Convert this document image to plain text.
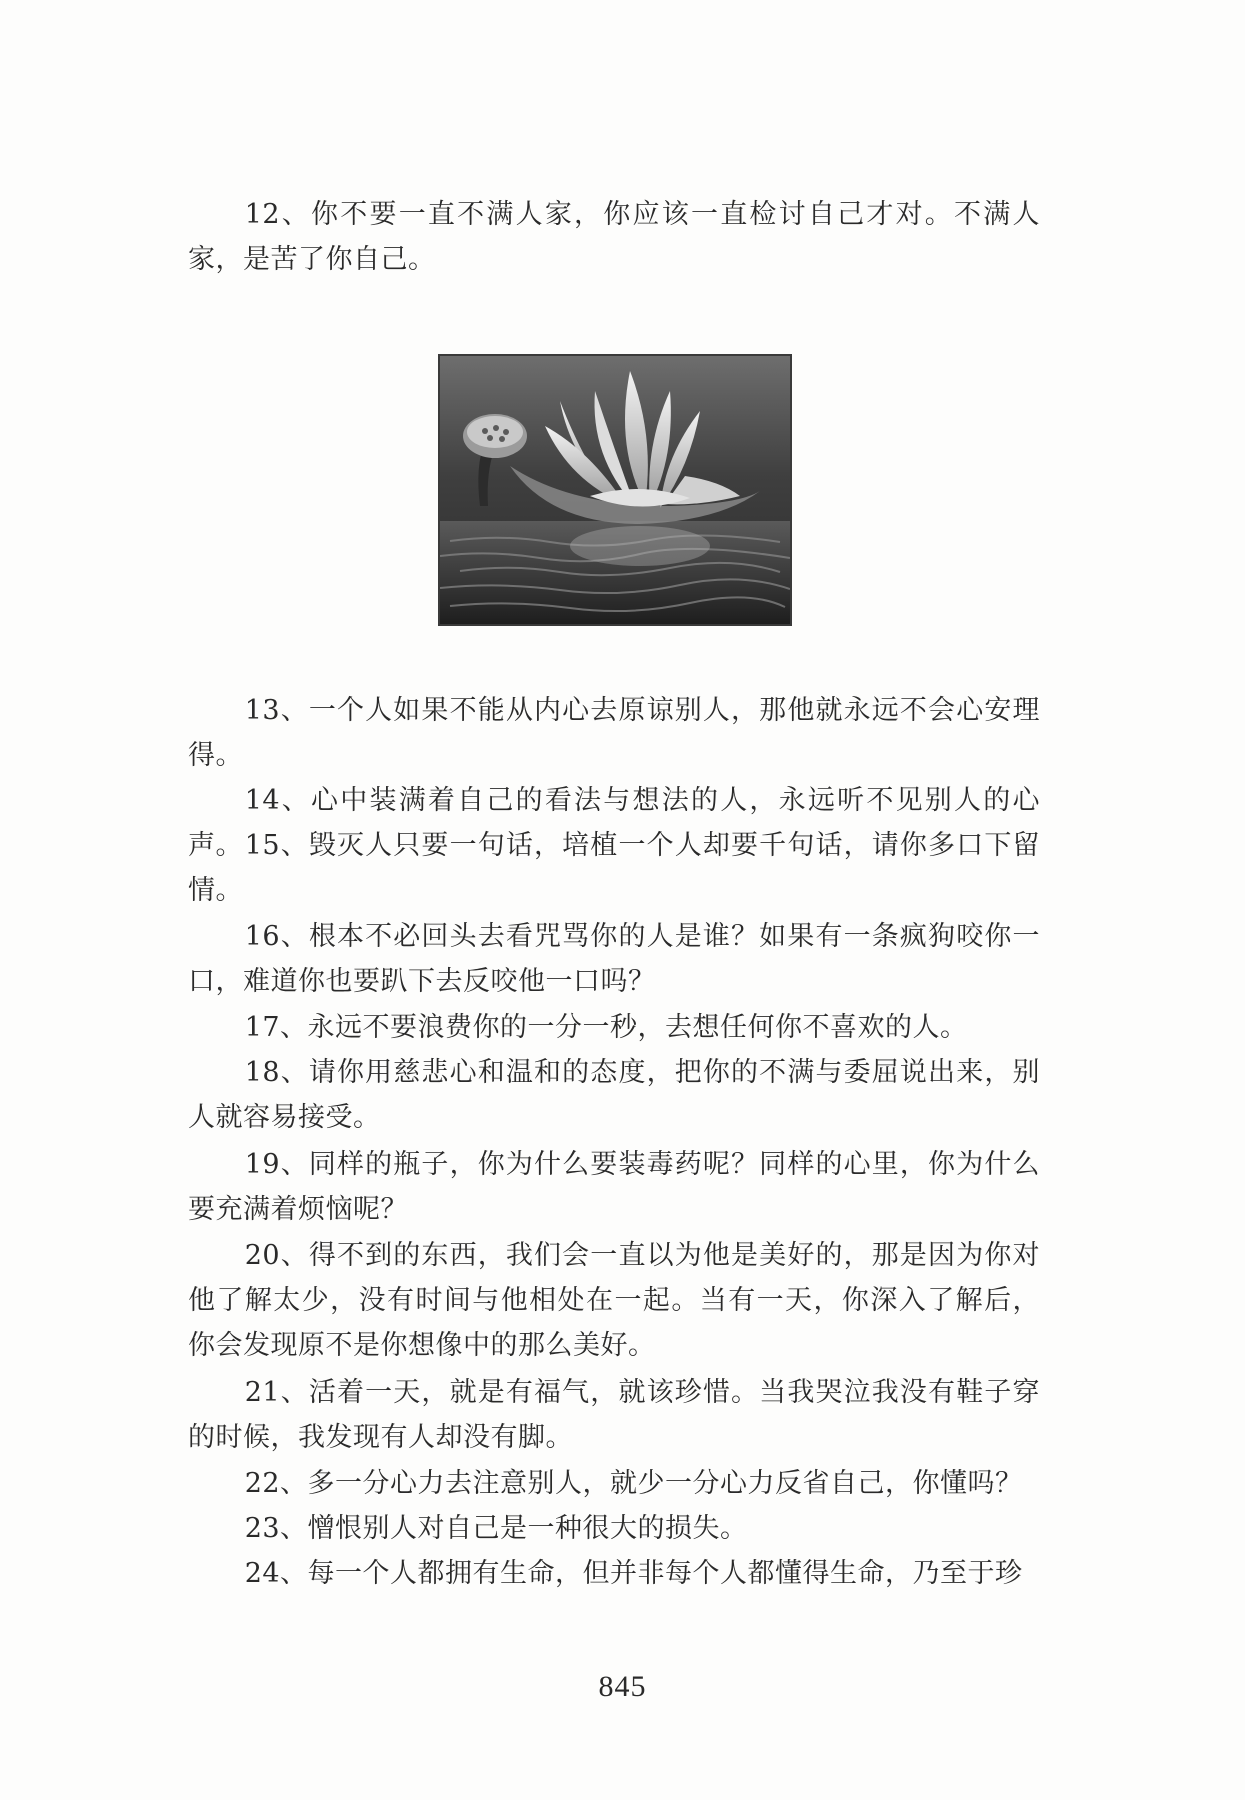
12、你不要一直不满人家，你应该一直检讨自己才对。不满人家，是苦了你自己。

13、一个人如果不能从内心去原谅别人，那他就永远不会心安理得。

14、心中装满着自己的看法与想法的人，永远听不见别人的心声。 15、毁灭人只要一句话，培植一个人却要千句话，请你多口下留情。

16、根本不必回头去看咒骂你的人是谁？如果有一条疯狗咬你一口，难道你也要趴下去反咬他一口吗？

17、永远不要浪费你的一分一秒，去想任何你不喜欢的人。

18、请你用慈悲心和温和的态度，把你的不满与委屈说出来，别人就容易接受。

19、同样的瓶子，你为什么要装毒药呢？同样的心里，你为什么要充满着烦恼呢？

20、得不到的东西，我们会一直以为他是美好的，那是因为你对他了解太少，没有时间与他相处在一起。当有一天，你深入了解后，你会发现原不是你想像中的那么美好。

21、活着一天，就是有福气，就该珍惜。当我哭泣我没有鞋子穿的时候，我发现有人却没有脚。

22、多一分心力去注意别人，就少一分心力反省自己，你懂吗？

23、憎恨别人对自己是一种很大的损失。

24、每一个人都拥有生命，但并非每个人都懂得生命，乃至于珍

845
